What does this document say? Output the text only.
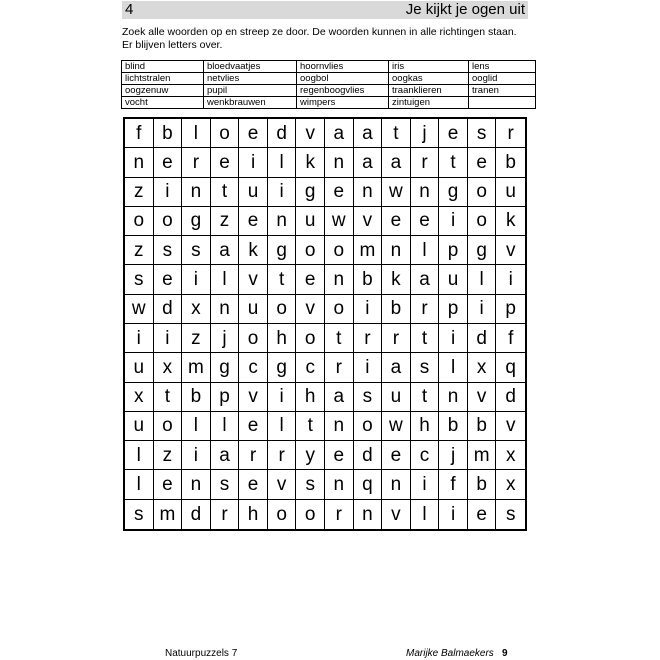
4	Je kijkt je ogen uit
Zoek alle woorden op en streep ze door. De woorden kunnen in alle richtingen staan.
Er blijven letters over.
blind	bloedvaatjes	hoornvlies	iris	lens
lichtstralen	netvlies	oogbol	oogkas	ooglid
oogzenuw	pupil	regenboogvlies	traanklieren	tranen
vocht	wenkbrauwen	wimpers	zintuigen	
f	b	l	o e d v a a	t	j	e s	r
n e	r	e	i	l	k n a a	r	t	e b
z	i	n	t	u	i	g e n w n g o u
o o g z e n u w v e e	i	o	k
z	s	s a k g o o m n	l	p g	v
s e	i	l	v	t	e n b k a u	l	i
w d x n u o v o	i	b	r	p	i	p
i	i	z	j	o h o	t	r	r	t	i	d	f
u x m g c g c	r	i	a s	l	x	q
x	t	b p v	i	h a s u	t	n v	d
u o	l	l	e	l	t	n o w h b b	v
l	z	i	a	r	r	y e d e c	j m x
l	e n s e v	s n q n	i	f	b	x
s m d	r	h o o	r	n v	l	i	e	s
Natuurpuzzels 7	Marijke Balmaekers 9
